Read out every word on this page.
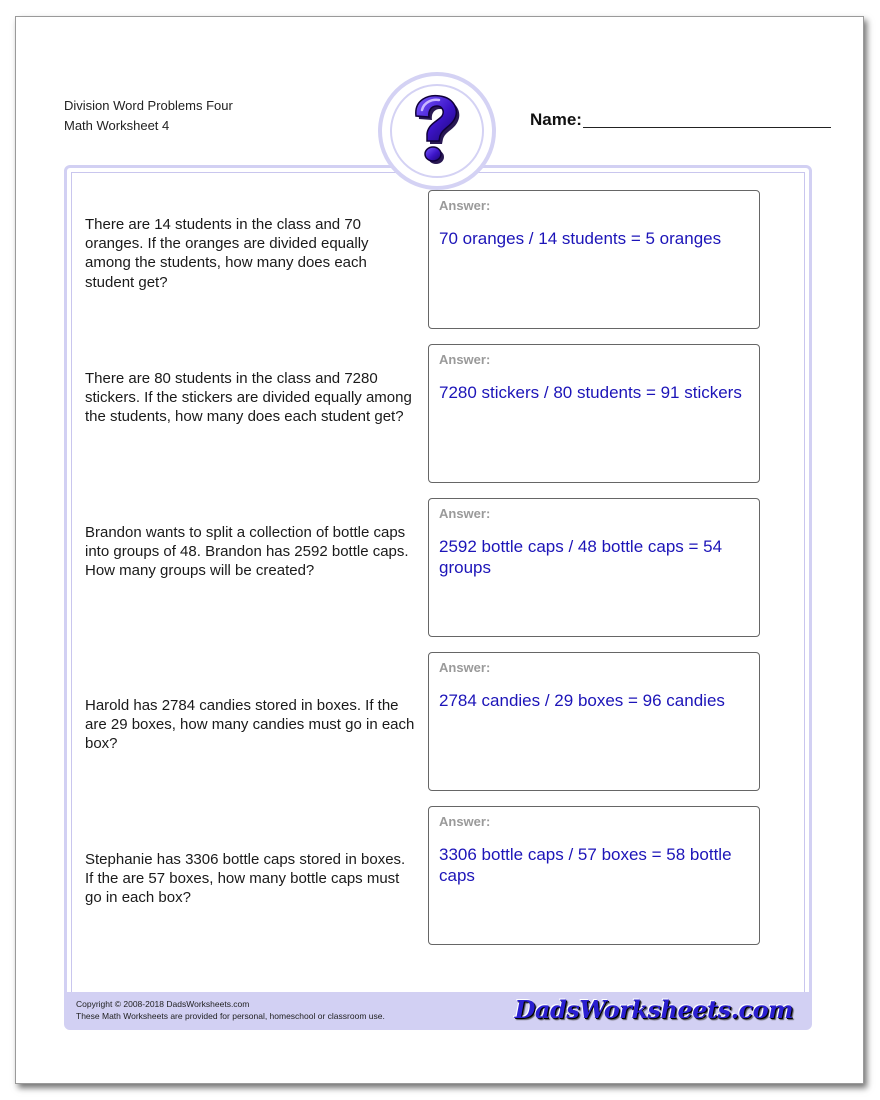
Division Word Problems Four
Math Worksheet 4	Name:
There are 14 students in the class and 70 oranges. If the oranges are divided equally among the students, how many does each student get?
Answer:
70 oranges / 14 students = 5 oranges
There are 80 students in the class and 7280 stickers. If the stickers are divided equally among the students, how many does each student get?
Answer:
7280 stickers / 80 students = 91 stickers
Brandon wants to split a collection of bottle caps into groups of 48. Brandon has 2592 bottle caps. How many groups will be created?
Answer:
2592 bottle caps / 48 bottle caps = 54 groups
Harold has 2784 candies stored in boxes. If the are 29 boxes, how many candies must go in each box?
Answer:
2784 candies / 29 boxes = 96 candies
Stephanie has 3306 bottle caps stored in boxes. If the are 57 boxes, how many bottle caps must go in each box?
Answer:
3306 bottle caps / 57 boxes = 58 bottle caps
Copyright © 2008-2018 DadsWorksheets.com
These Math Worksheets are provided for personal, homeschool or classroom use.	DadsWorksheets.com
